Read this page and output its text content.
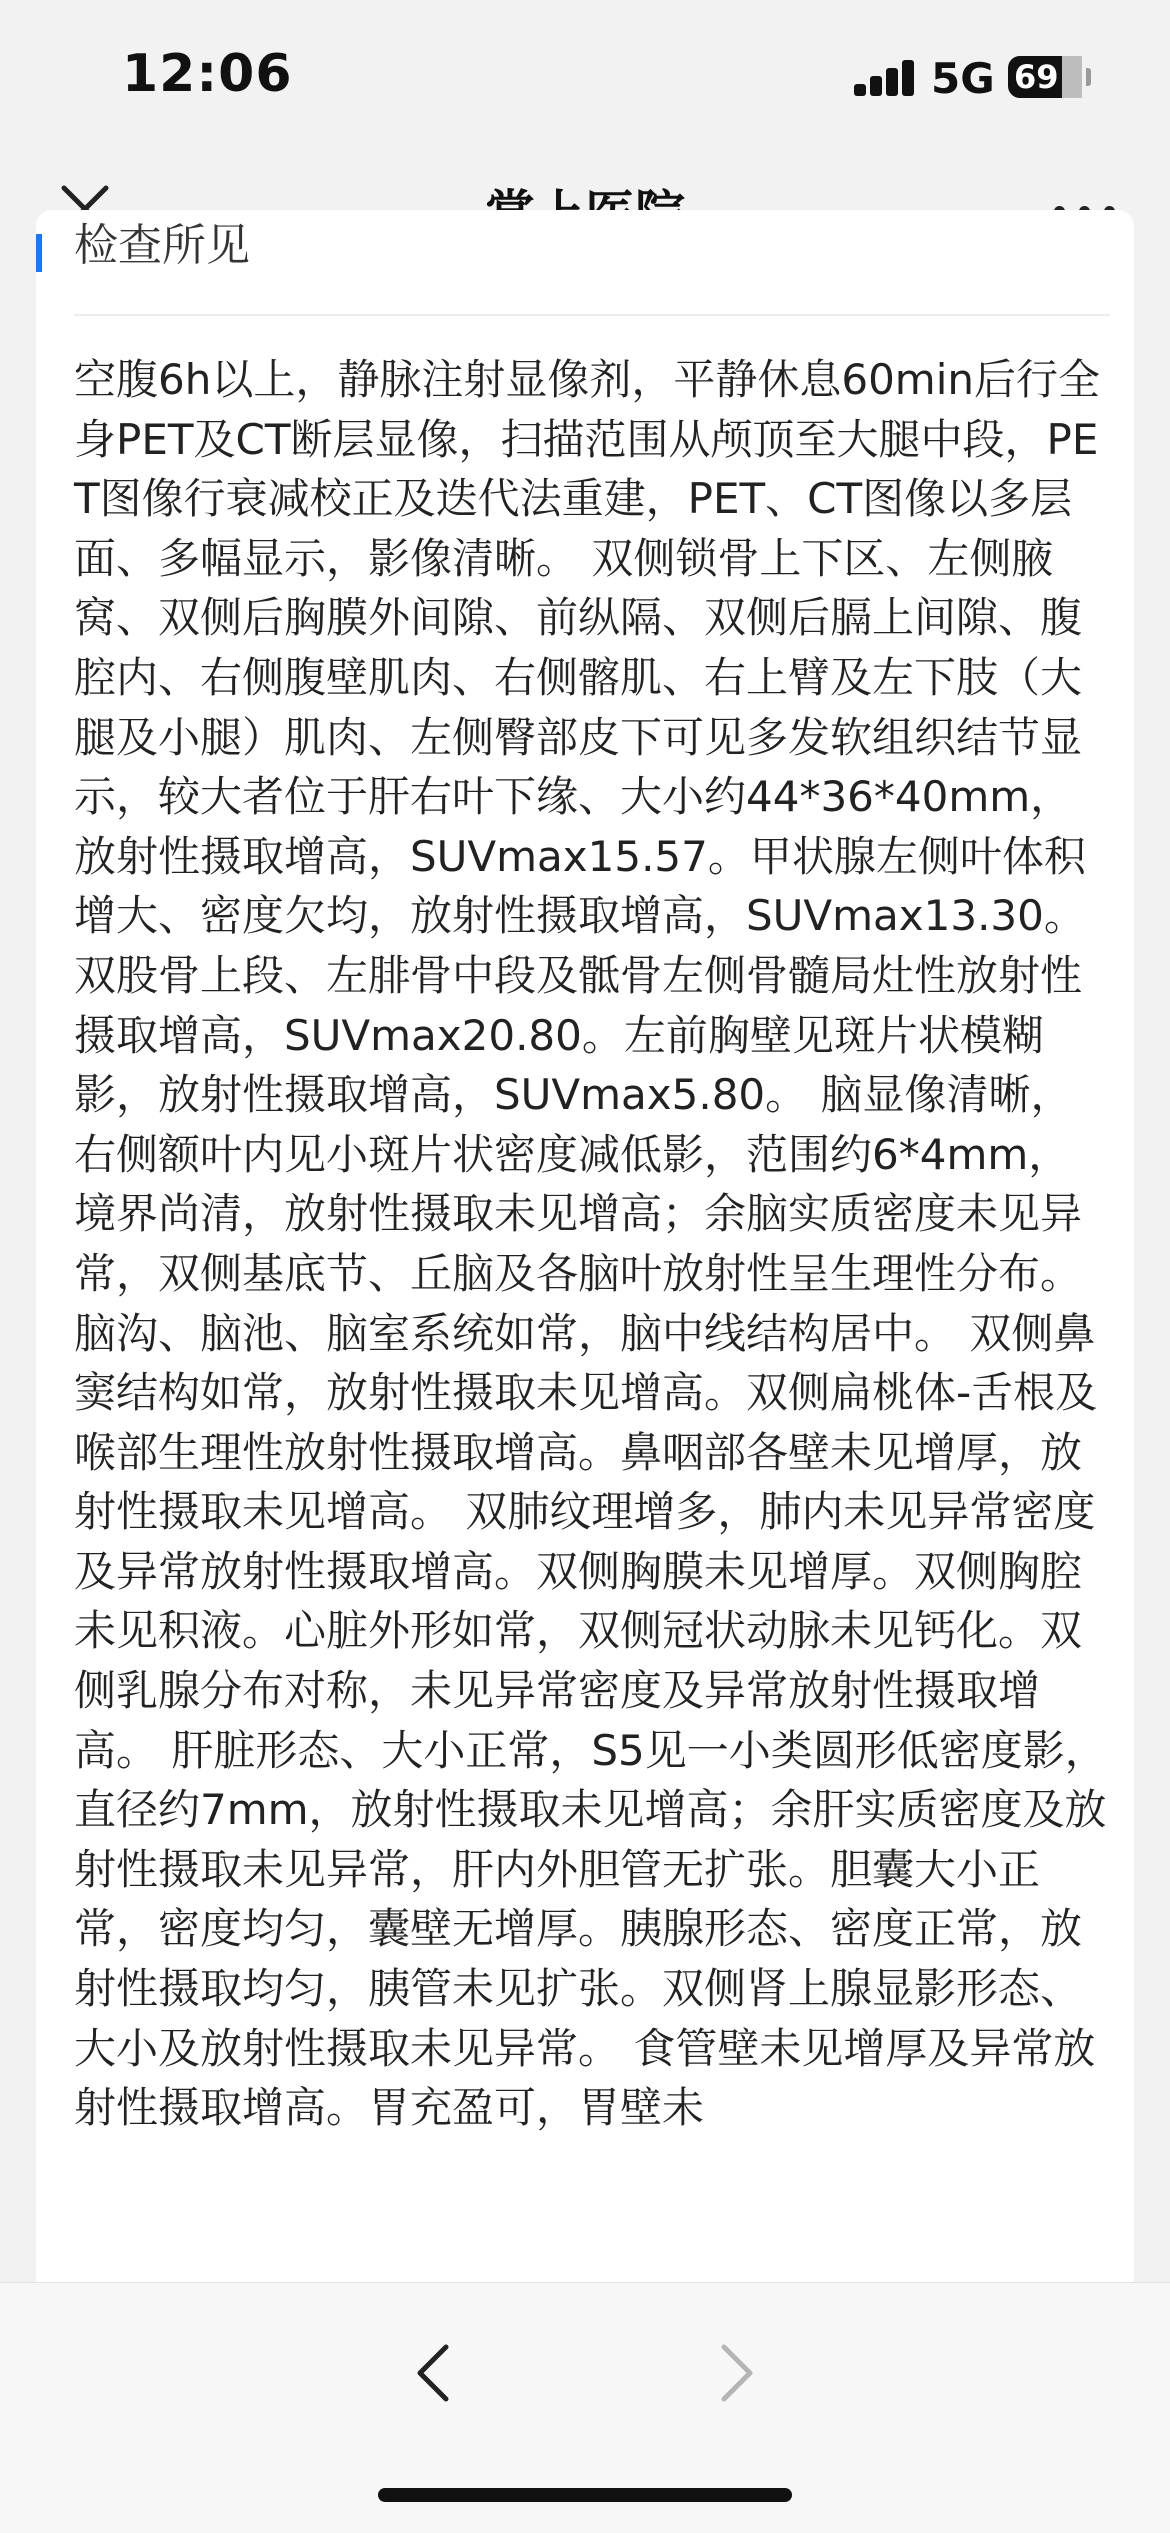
12:06	5G 69
检查所见
空腹6h以上，静脉注射显像剂，平静休息60min后行全身PET及CT断层显像，扫描范围从颅顶至大腿中段，PET图像行衰减校正及迭代法重建，PET、CT图像以多层面、多幅显示，影像清晰。 双侧锁骨上下区、左侧腋窝、双侧后胸膜外间隙、前纵隔、双侧后膈上间隙、腹腔内、右侧腹壁肌肉、右侧髂肌、右上臂及左下肢（大腿及小腿）肌肉、左侧臀部皮下可见多发软组织结节显示，较大者位于肝右叶下缘、大小约44*36*40mm，放射性摄取增高，SUVmax15.57。甲状腺左侧叶体积增大、密度欠均，放射性摄取增高，SUVmax13.30。双股骨上段、左腓骨中段及骶骨左侧骨髓局灶性放射性摄取增高，SUVmax20.80。左前胸壁见斑片状模糊影，放射性摄取增高，SUVmax5.80。 脑显像清晰，右侧额叶内见小斑片状密度减低影，范围约6*4mm，境界尚清，放射性摄取未见增高；余脑实质密度未见异常，双侧基底节、丘脑及各脑叶放射性呈生理性分布。脑沟、脑池、脑室系统如常，脑中线结构居中。 双侧鼻窦结构如常，放射性摄取未见增高。双侧扁桃体-舌根及喉部生理性放射性摄取增高。鼻咽部各壁未见增厚，放射性摄取未见增高。 双肺纹理增多，肺内未见异常密度及异常放射性摄取增高。双侧胸膜未见增厚。双侧胸腔未见积液。心脏外形如常，双侧冠状动脉未见钙化。双侧乳腺分布对称，未见异常密度及异常放射性摄取增高。 肝脏形态、大小正常，S5见一小类圆形低密度影，直径约7mm，放射性摄取未见增高；余肝实质密度及放射性摄取未见异常，肝内外胆管无扩张。胆囊大小正常，密度均匀，囊壁无增厚。胰腺形态、密度正常，放射性摄取均匀，胰管未见扩张。双侧肾上腺显影形态、大小及放射性摄取未见异常。 食管壁未见增厚及异常放射性摄取增高。胃充盈可，胃壁未
